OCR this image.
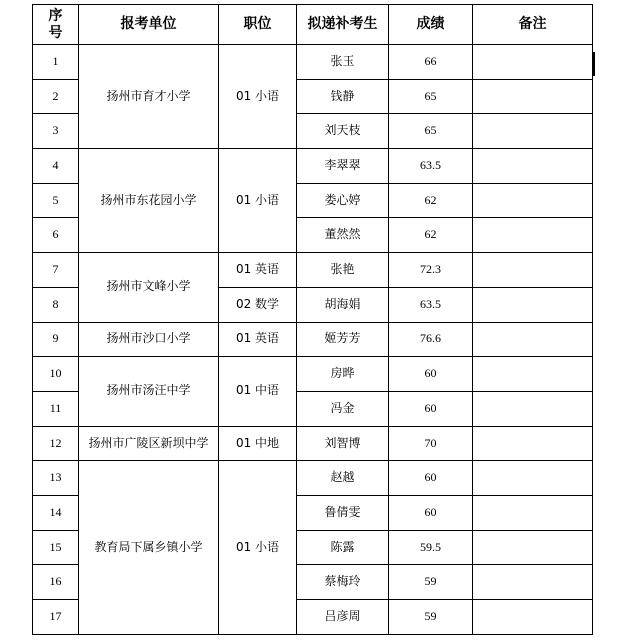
序
号	报考单位	职位	拟递补考生	成绩	备注
1	扬州市育才小学	01 小语	张玉	66	
2			钱静	65	
3			刘天枝	65	
4	扬州市东花园小学	01 小语	李翠翠	63.5	
5			娄心婷	62	
6			董然然	62	
7	扬州市文峰小学	01 英语	张艳	72.3	
8		02 数学	胡海娟	63.5	
9	扬州市沙口小学	01 英语	姬芳芳	76.6	
10	扬州市汤汪中学	01 中语	房晔	60	
11			冯金	60	
12	扬州市广陵区新坝中学	01 中地	刘智博	70	
13	教育局下属乡镇小学	01 小语	赵越	60	
14			鲁倩雯	60	
15			陈露	59.5	
16			蔡梅玲	59	
17			吕彦周	59	
